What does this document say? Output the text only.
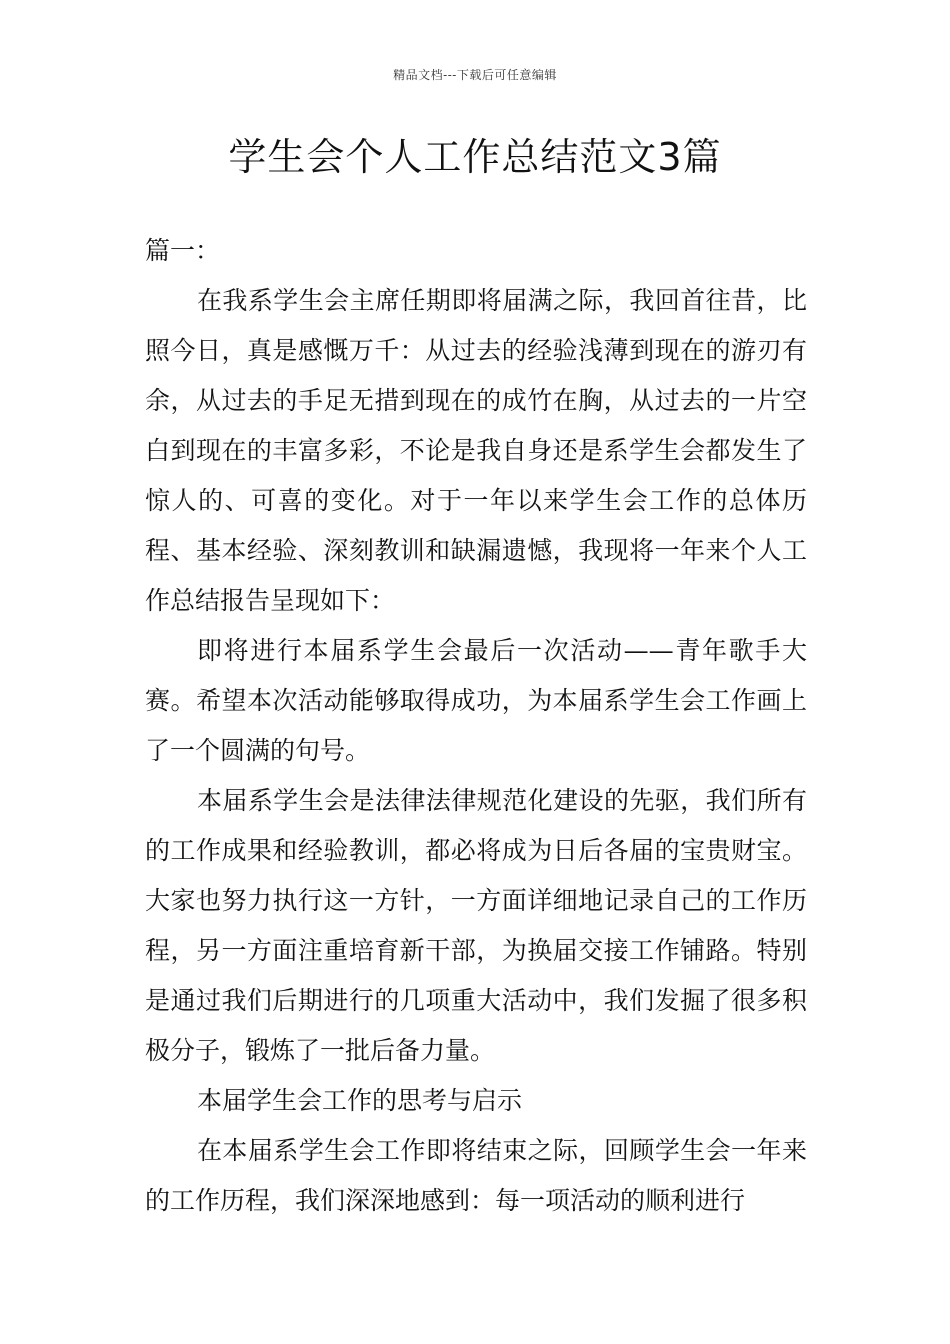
精品文档---下载后可任意编辑
学生会个人工作总结范文3篇

篇一：

在我系学生会主席任期即将届满之际，我回首往昔，比照今日，真是感慨万千：从过去的经验浅薄到现在的游刃有余，从过去的手足无措到现在的成竹在胸，从过去的一片空白到现在的丰富多彩，不论是我自身还是系学生会都发生了惊人的、可喜的变化。对于一年以来学生会工作的总体历程、基本经验、深刻教训和缺漏遗憾，我现将一年来个人工作总结报告呈现如下：

即将进行本届系学生会最后一次活动——青年歌手大赛。希望本次活动能够取得成功，为本届系学生会工作画上了一个圆满的句号。

本届系学生会是法律法律规范化建设的先驱，我们所有的工作成果和经验教训，都必将成为日后各届的宝贵财宝。大家也努力执行这一方针，一方面详细地记录自己的工作历程，另一方面注重培育新干部，为换届交接工作铺路。特别是通过我们后期进行的几项重大活动中，我们发掘了很多积极分子，锻炼了一批后备力量。

本届学生会工作的思考与启示

在本届系学生会工作即将结束之际，回顾学生会一年来的工作历程，我们深深地感到：每一项活动的顺利进行
